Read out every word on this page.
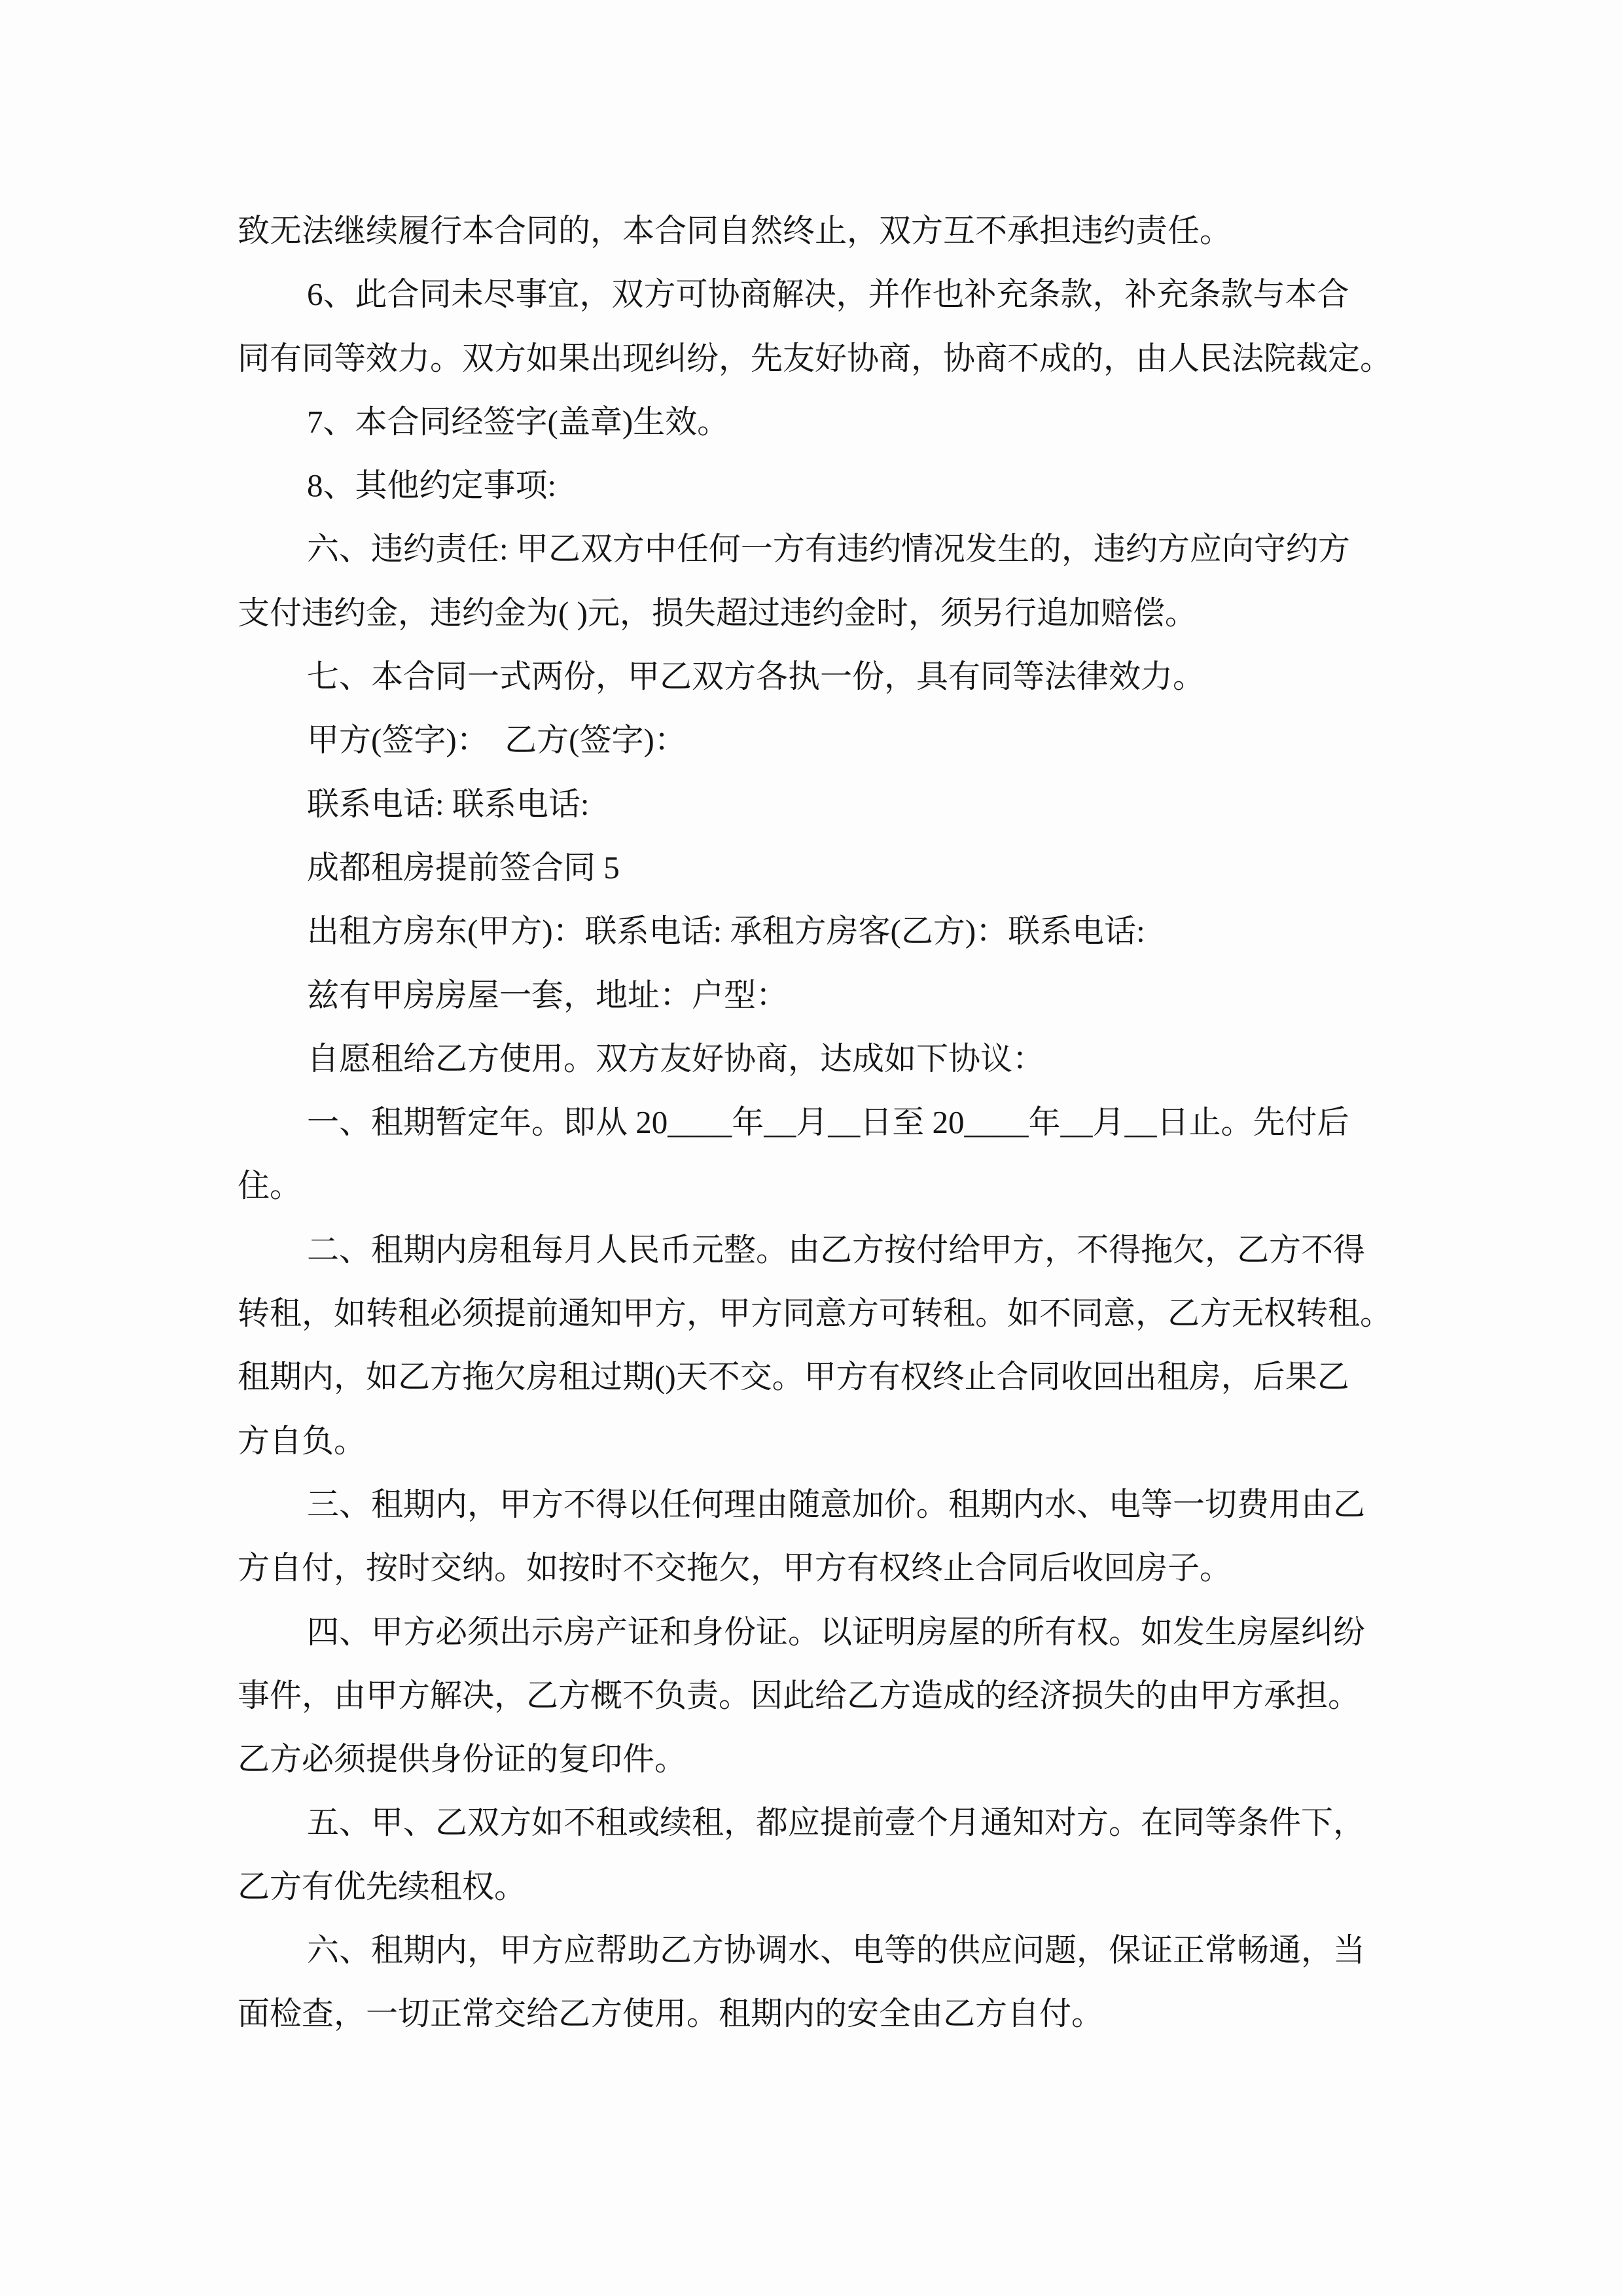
致无法继续履行本合同的，本合同自然终止，双方互不承担违约责任。
6、此合同未尽事宜，双方可协商解决，并作也补充条款，补充条款与本合
同有同等效力。双方如果出现纠纷，先友好协商，协商不成的，由人民法院裁定。
7、本合同经签字(盖章)生效。
8、其他约定事项:
六、违约责任: 甲乙双方中任何一方有违约情况发生的，违约方应向守约方
支付违约金，违约金为( )元，损失超过违约金时，须另行追加赔偿。
七、本合同一式两份，甲乙双方各执一份，具有同等法律效力。
甲方(签字)：  乙方(签字)：
联系电话: 联系电话:
成都租房提前签合同 5
出租方房东(甲方)：联系电话: 承租方房客(乙方)：联系电话:
兹有甲房房屋一套，地址：户型：
自愿租给乙方使用。双方友好协商，达成如下协议：
一、租期暂定年。即从 20____年__月__日至 20____年__月__日止。先付后
住。
二、租期内房租每月人民币元整。由乙方按付给甲方，不得拖欠，乙方不得
转租，如转租必须提前通知甲方，甲方同意方可转租。如不同意，乙方无权转租。
租期内，如乙方拖欠房租过期()天不交。甲方有权终止合同收回出租房，后果乙
方自负。
三、租期内，甲方不得以任何理由随意加价。租期内水、电等一切费用由乙
方自付，按时交纳。如按时不交拖欠，甲方有权终止合同后收回房子。
四、甲方必须出示房产证和身份证。以证明房屋的所有权。如发生房屋纠纷
事件，由甲方解决，乙方概不负责。因此给乙方造成的经济损失的由甲方承担。
乙方必须提供身份证的复印件。
五、甲、乙双方如不租或续租，都应提前壹个月通知对方。在同等条件下，
乙方有优先续租权。
六、租期内，甲方应帮助乙方协调水、电等的供应问题，保证正常畅通，当
面检查，一切正常交给乙方使用。租期内的安全由乙方自付。
